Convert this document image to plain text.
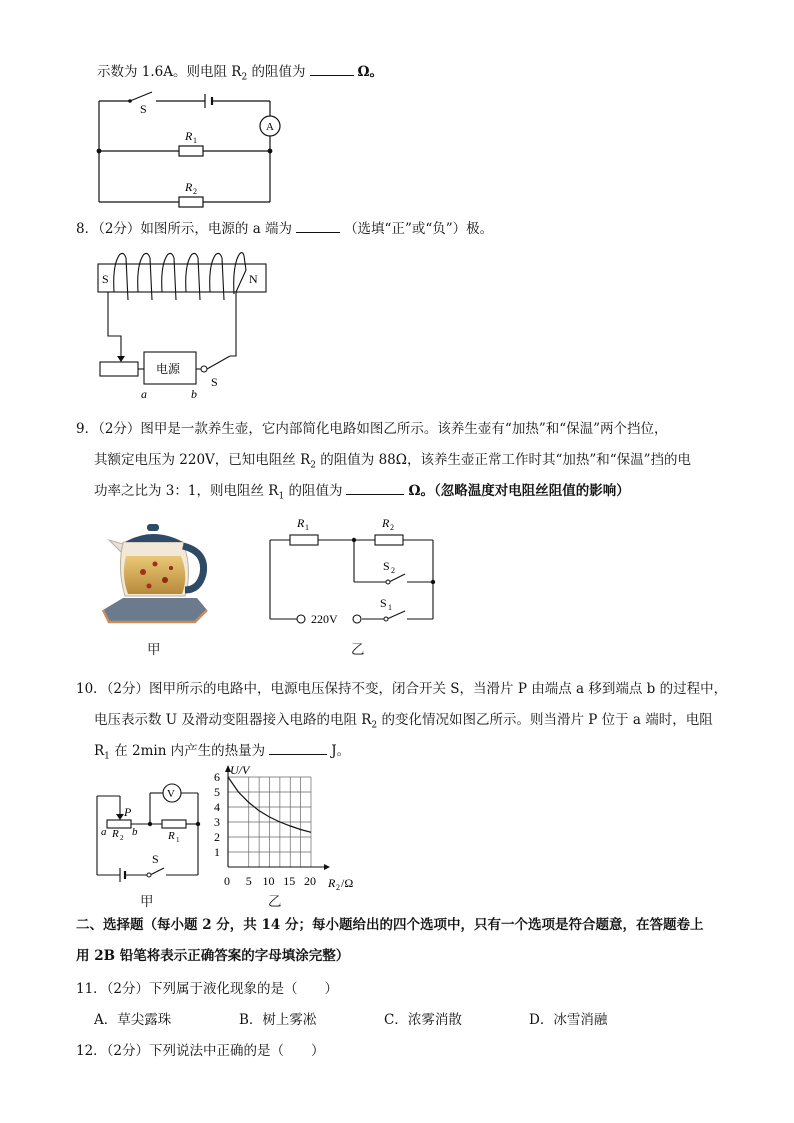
示数为 1.6A。则电阻 $R_2$ 的阻值为	Ω。
S
A
R 1
R 2
8．（2分）如图所示，电源的 a 端为	（选填“正”或“负”）极。
S	N
电源
S
a	b
9．（2分）图甲是一款养生壶，它内部简化电路如图乙所示。该养生壶有“加热”和“保温”两个挡位，
其额定电压为 220V，已知电阻丝 $R_2$ 的阻值为 88Ω，该养生壶正常工作时其“加热”和“保温”挡的电
功率之比为 3：1，则电阻丝 $R_1$ 的阻值为	Ω。（忽略温度对电阻丝阻值的影响）
R 1	R 2
S 2
S 1
220V
甲	乙
10．（2分）图甲所示的电路中，电源电压保持不变，闭合开关 S，当滑片 P 由端点 a 移到端点 b 的过程中，
电压表示数 U 及滑动变阻器接入电路的电阻 $R_2$ 的变化情况如图乙所示。则当滑片 P 位于 a 端时，电阻
$R_1$ 在 2min 内产生的热量为	J。
V
P
a R 2 b	R 1
S
6
5
4
3
2
1
0 5 10 15 20
U/V
R 2 /Ω
甲	乙
二、选择题（每小题 2 分，共 14 分；每小题给出的四个选项中，只有一个选项是符合题意，在答题卷上
用 2B 铅笔将表示正确答案的字母填涂完整）
11．（2分）下列属于液化现象的是（　　）
A．草尖露珠	B．树上雾凇	C．浓雾消散	D．冰雪消融
12．（2分）下列说法中正确的是（　　）
